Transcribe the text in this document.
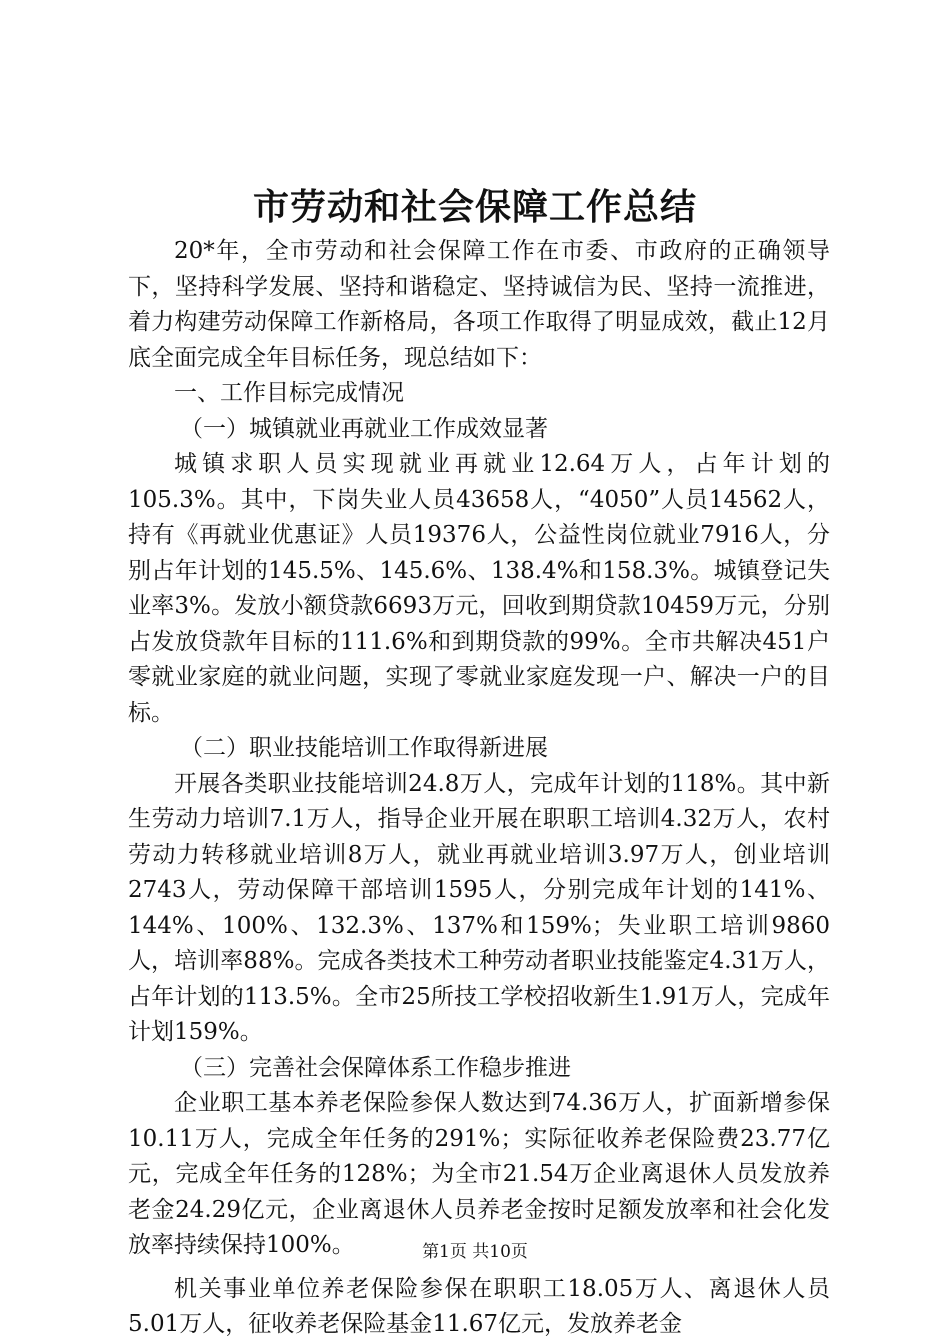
市劳动和社会保障工作总结

20*年，全市劳动和社会保障工作在市委、市政府的正确领导下，坚持科学发展、坚持和谐稳定、坚持诚信为民、坚持一流推进，着力构建劳动保障工作新格局，各项工作取得了明显成效，截止12月底全面完成全年目标任务，现总结如下：

一、工作目标完成情况

（一）城镇就业再就业工作成效显著

城镇求职人员实现就业再就业12.64万人，占年计划的105.3%。其中，下岗失业人员43658人，“4050”人员14562人，持有《再就业优惠证》人员19376人，公益性岗位就业7916人，分别占年计划的145.5%、145.6%、138.4%和158.3%。城镇登记失业率3%。发放小额贷款6693万元，回收到期贷款10459万元，分别占发放贷款年目标的111.6%和到期贷款的99%。全市共解决451户零就业家庭的就业问题，实现了零就业家庭发现一户、解决一户的目标。

（二）职业技能培训工作取得新进展

开展各类职业技能培训24.8万人，完成年计划的118%。其中新生劳动力培训7.1万人，指导企业开展在职职工培训4.32万人，农村劳动力转移就业培训8万人，就业再就业培训3.97万人，创业培训2743人，劳动保障干部培训1595人，分别完成年计划的141%、144%、100%、132.3%、137%和159%；失业职工培训9860人，培训率88%。完成各类技术工种劳动者职业技能鉴定4.31万人，占年计划的113.5%。全市25所技工学校招收新生1.91万人，完成年计划159%。

（三）完善社会保障体系工作稳步推进

企业职工基本养老保险参保人数达到74.36万人，扩面新增参保10.11万人，完成全年任务的291%；实际征收养老保险费23.77亿元，完成全年任务的128%；为全市21.54万企业离退休人员发放养老金24.29亿元，企业离退休人员养老金按时足额发放率和社会化发放率持续保持100%。

机关事业单位养老保险参保在职职工18.05万人、离退休人员5.01万人，征收养老保险基金11.67亿元，发放养老金

第1页 共10页
